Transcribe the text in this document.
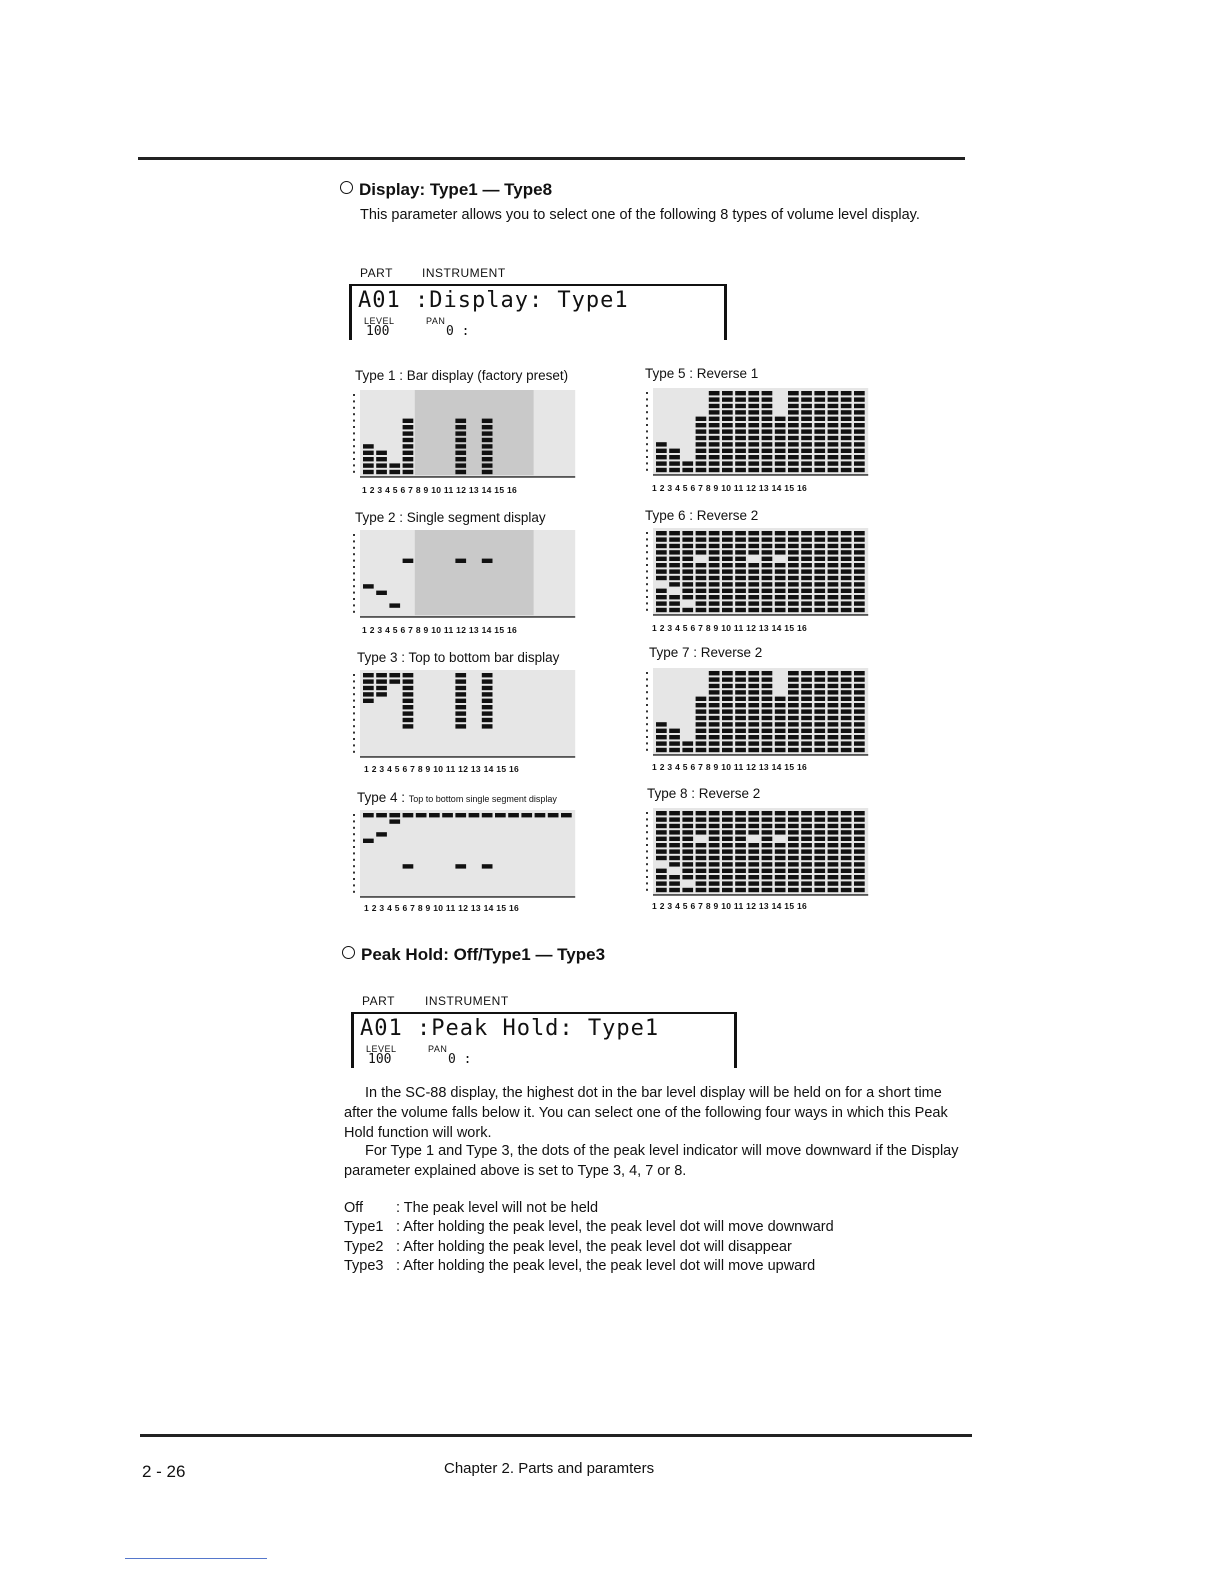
Display: Type1 — Type8
This parameter allows you to select one of the following 8 types of volume level display.
PART INSTRUMENT
A01 :Display: Type1
LEVEL	PAN
100	0 :
Type 1 : Bar display (factory preset)
Type 2 : Single segment display
Type 3 : Top to bottom bar display
Type 4 : Top to bottom single segment display
Type 5 : Reverse 1
Type 6 : Reverse 2
Type 7 : Reverse 2
Type 8 : Reverse 2
1 2 3 4 5 6 7 8 9 10 11 12 13 14 15 16
1 2 3 4 5 6 7 8 9 10 11 12 13 14 15 16
1 2 3 4 5 6 7 8 9 10 11 12 13 14 15 16
1 2 3 4 5 6 7 8 9 10 11 12 13 14 15 16
1 2 3 4 5 6 7 8 9 10 11 12 13 14 15 16
1 2 3 4 5 6 7 8 9 10 11 12 13 14 15 16
1 2 3 4 5 6 7 8 9 10 11 12 13 14 15 16
1 2 3 4 5 6 7 8 9 10 11 12 13 14 15 16
Peak Hold: Off/Type1 — Type3
PART	INSTRUMENT
A01 :Peak Hold: Type1
LEVEL	PAN
100	0 :
In the SC-88 display, the highest dot in the bar level display will be held on for a short time after the volume falls below it. You can select one of the following four ways in which this Peak Hold function will work.
For Type 1 and Type 3, the dots of the peak level indicator will move downward if the Display parameter explained above is set to Type 3, 4, 7 or 8.
Off : The peak level will not be held
Type1 : After holding the peak level, the peak level dot will move downward
Type2 : After holding the peak level, the peak level dot will disappear
Type3 : After holding the peak level, the peak level dot will move upward
2 - 26	Chapter 2. Parts and paramters
